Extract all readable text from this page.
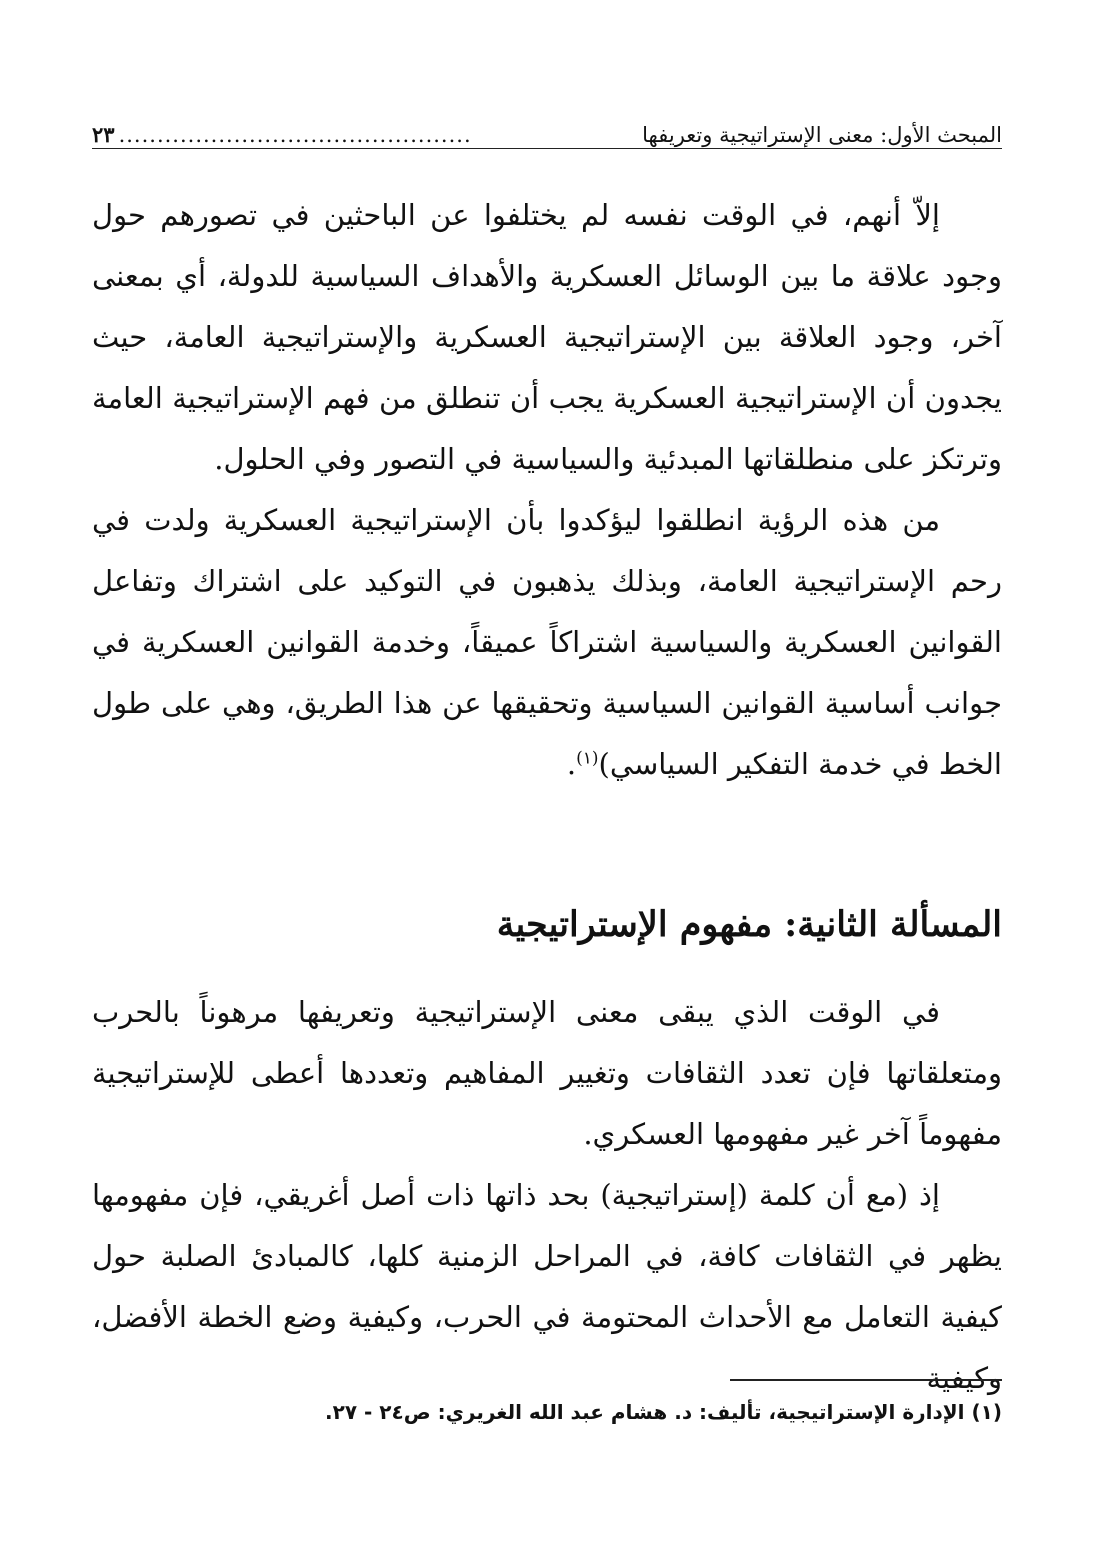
المبحث الأول: معنى الإستراتيجية وتعريفها
..............................................
٢٣

إلاّ أنهم، في الوقت نفسه لم يختلفوا عن الباحثين في تصورهم حول وجود علاقة ما بين الوسائل العسكرية والأهداف السياسية للدولة، أي بمعنى آخر، وجود العلاقة بين الإستراتيجية العسكرية والإستراتيجية العامة، حيث يجدون أن الإستراتيجية العسكرية يجب أن تنطلق من فهم الإستراتيجية العامة وترتكز على منطلقاتها المبدئية والسياسية في التصور وفي الحلول.

من هذه الرؤية انطلقوا ليؤكدوا بأن الإستراتيجية العسكرية ولدت في رحم الإستراتيجية العامة، وبذلك يذهبون في التوكيد على اشتراك وتفاعل القوانين العسكرية والسياسية اشتراكاً عميقاً، وخدمة القوانين العسكرية في جوانب أساسية القوانين السياسية وتحقيقها عن هذا الطريق، وهي على طول الخط في خدمة التفكير السياسي)$^{(١)}$.

المسألة الثانية: مفهوم الإستراتيجية

في الوقت الذي يبقى معنى الإستراتيجية وتعريفها مرهوناً بالحرب ومتعلقاتها فإن تعدد الثقافات وتغيير المفاهيم وتعددها أعطى للإستراتيجية مفهوماً آخر غير مفهومها العسكري.

إذ (مع أن كلمة (إستراتيجية) بحد ذاتها ذات أصل أغريقي، فإن مفهومها يظهر في الثقافات كافة، في المراحل الزمنية كلها، كالمبادئ الصلبة حول كيفية التعامل مع الأحداث المحتومة في الحرب، وكيفية وضع الخطة الأفضل، وكيفية

(١) الإدارة الإستراتيجية، تأليف: د. هشام عبد الله الغريري: ص٢٤ - ٢٧.
